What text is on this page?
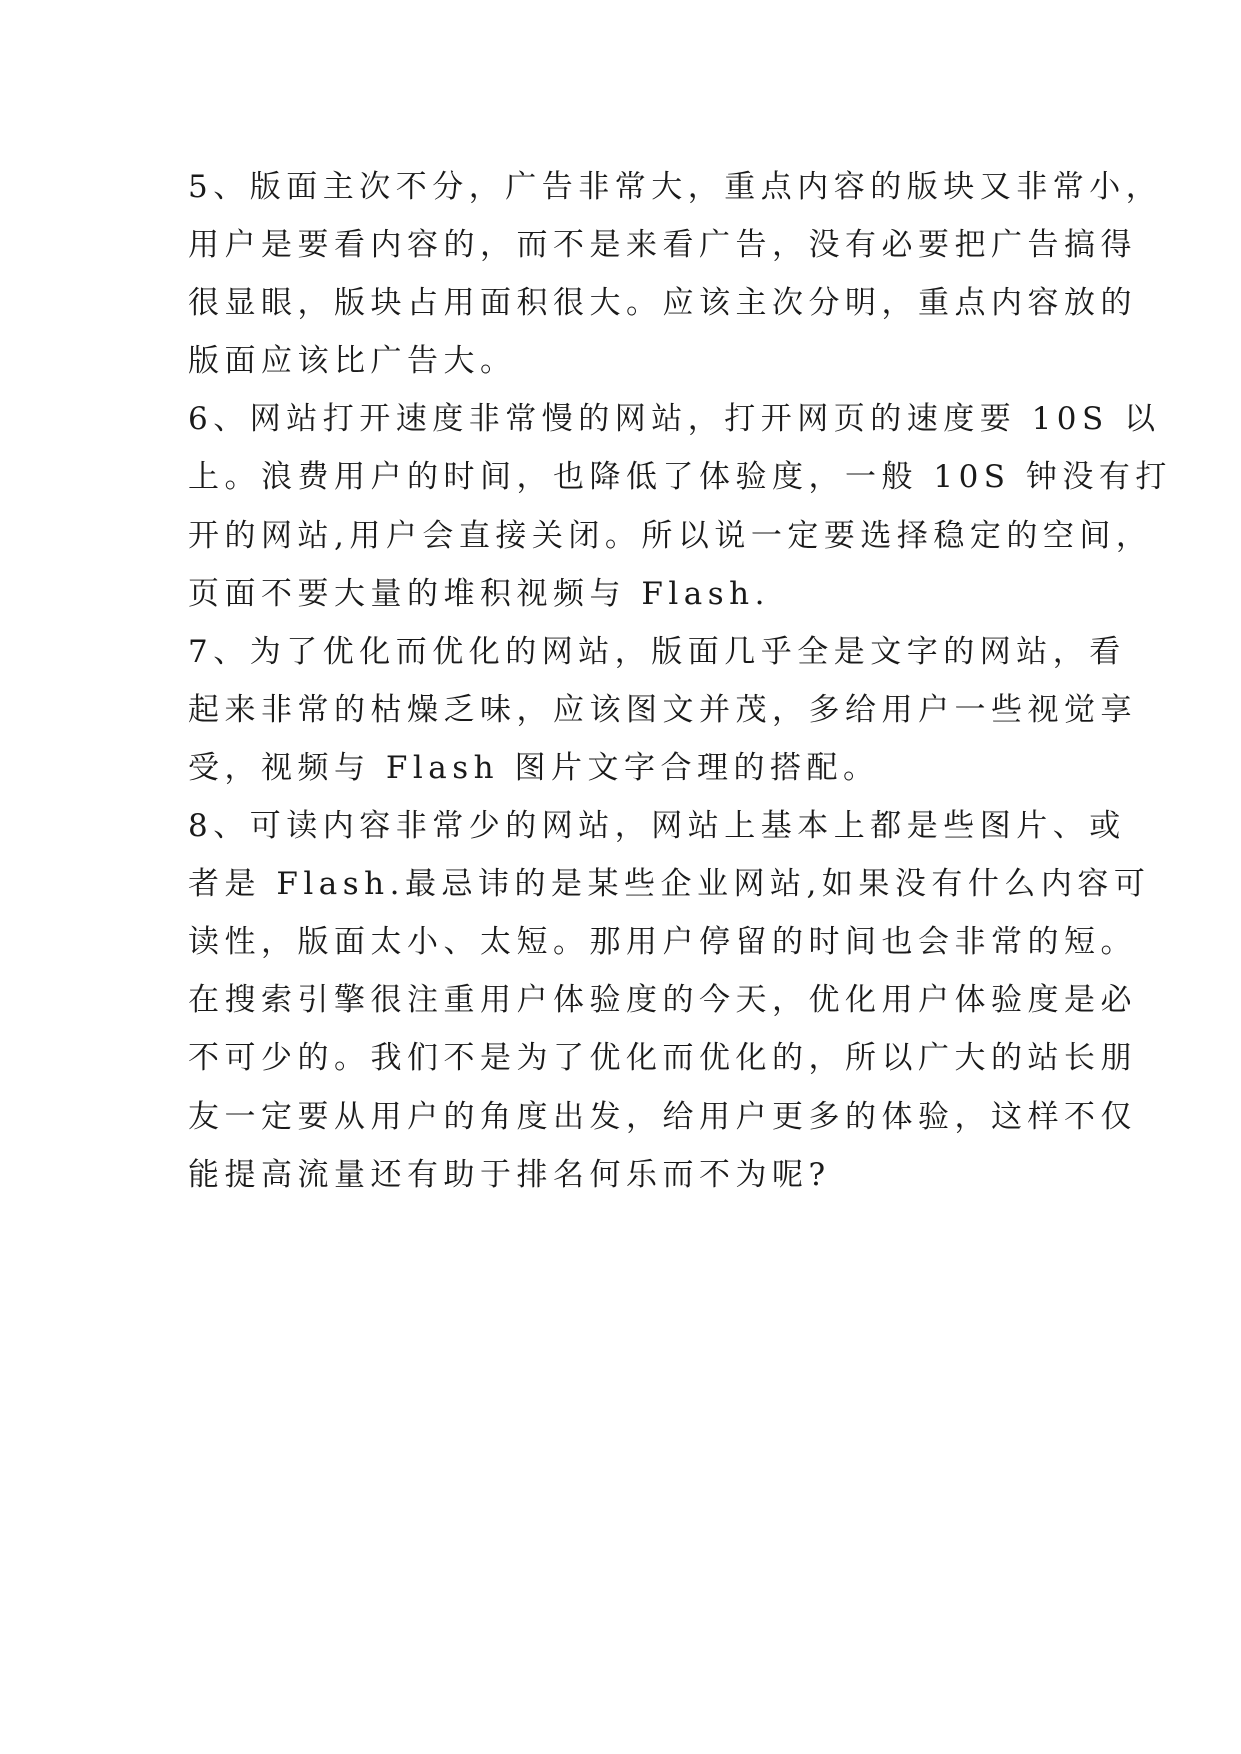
5、版面主次不分，广告非常大，重点内容的版块又非常小，
用户是要看内容的，而不是来看广告，没有必要把广告搞得
很显眼，版块占用面积很大。应该主次分明，重点内容放的
版面应该比广告大。
6、网站打开速度非常慢的网站，打开网页的速度要 10S 以
上。浪费用户的时间，也降低了体验度，一般 10S 钟没有打
开的网站,用户会直接关闭。所以说一定要选择稳定的空间，
页面不要大量的堆积视频与 Flash.
7、为了优化而优化的网站，版面几乎全是文字的网站，看
起来非常的枯燥乏味，应该图文并茂，多给用户一些视觉享
受，视频与 Flash 图片文字合理的搭配。
8、可读内容非常少的网站，网站上基本上都是些图片、或
者是 Flash.最忌讳的是某些企业网站,如果没有什么内容可
读性，版面太小、太短。那用户停留的时间也会非常的短。
在搜索引擎很注重用户体验度的今天，优化用户体验度是必
不可少的。我们不是为了优化而优化的，所以广大的站长朋
友一定要从用户的角度出发，给用户更多的体验，这样不仅
能提高流量还有助于排名何乐而不为呢?
